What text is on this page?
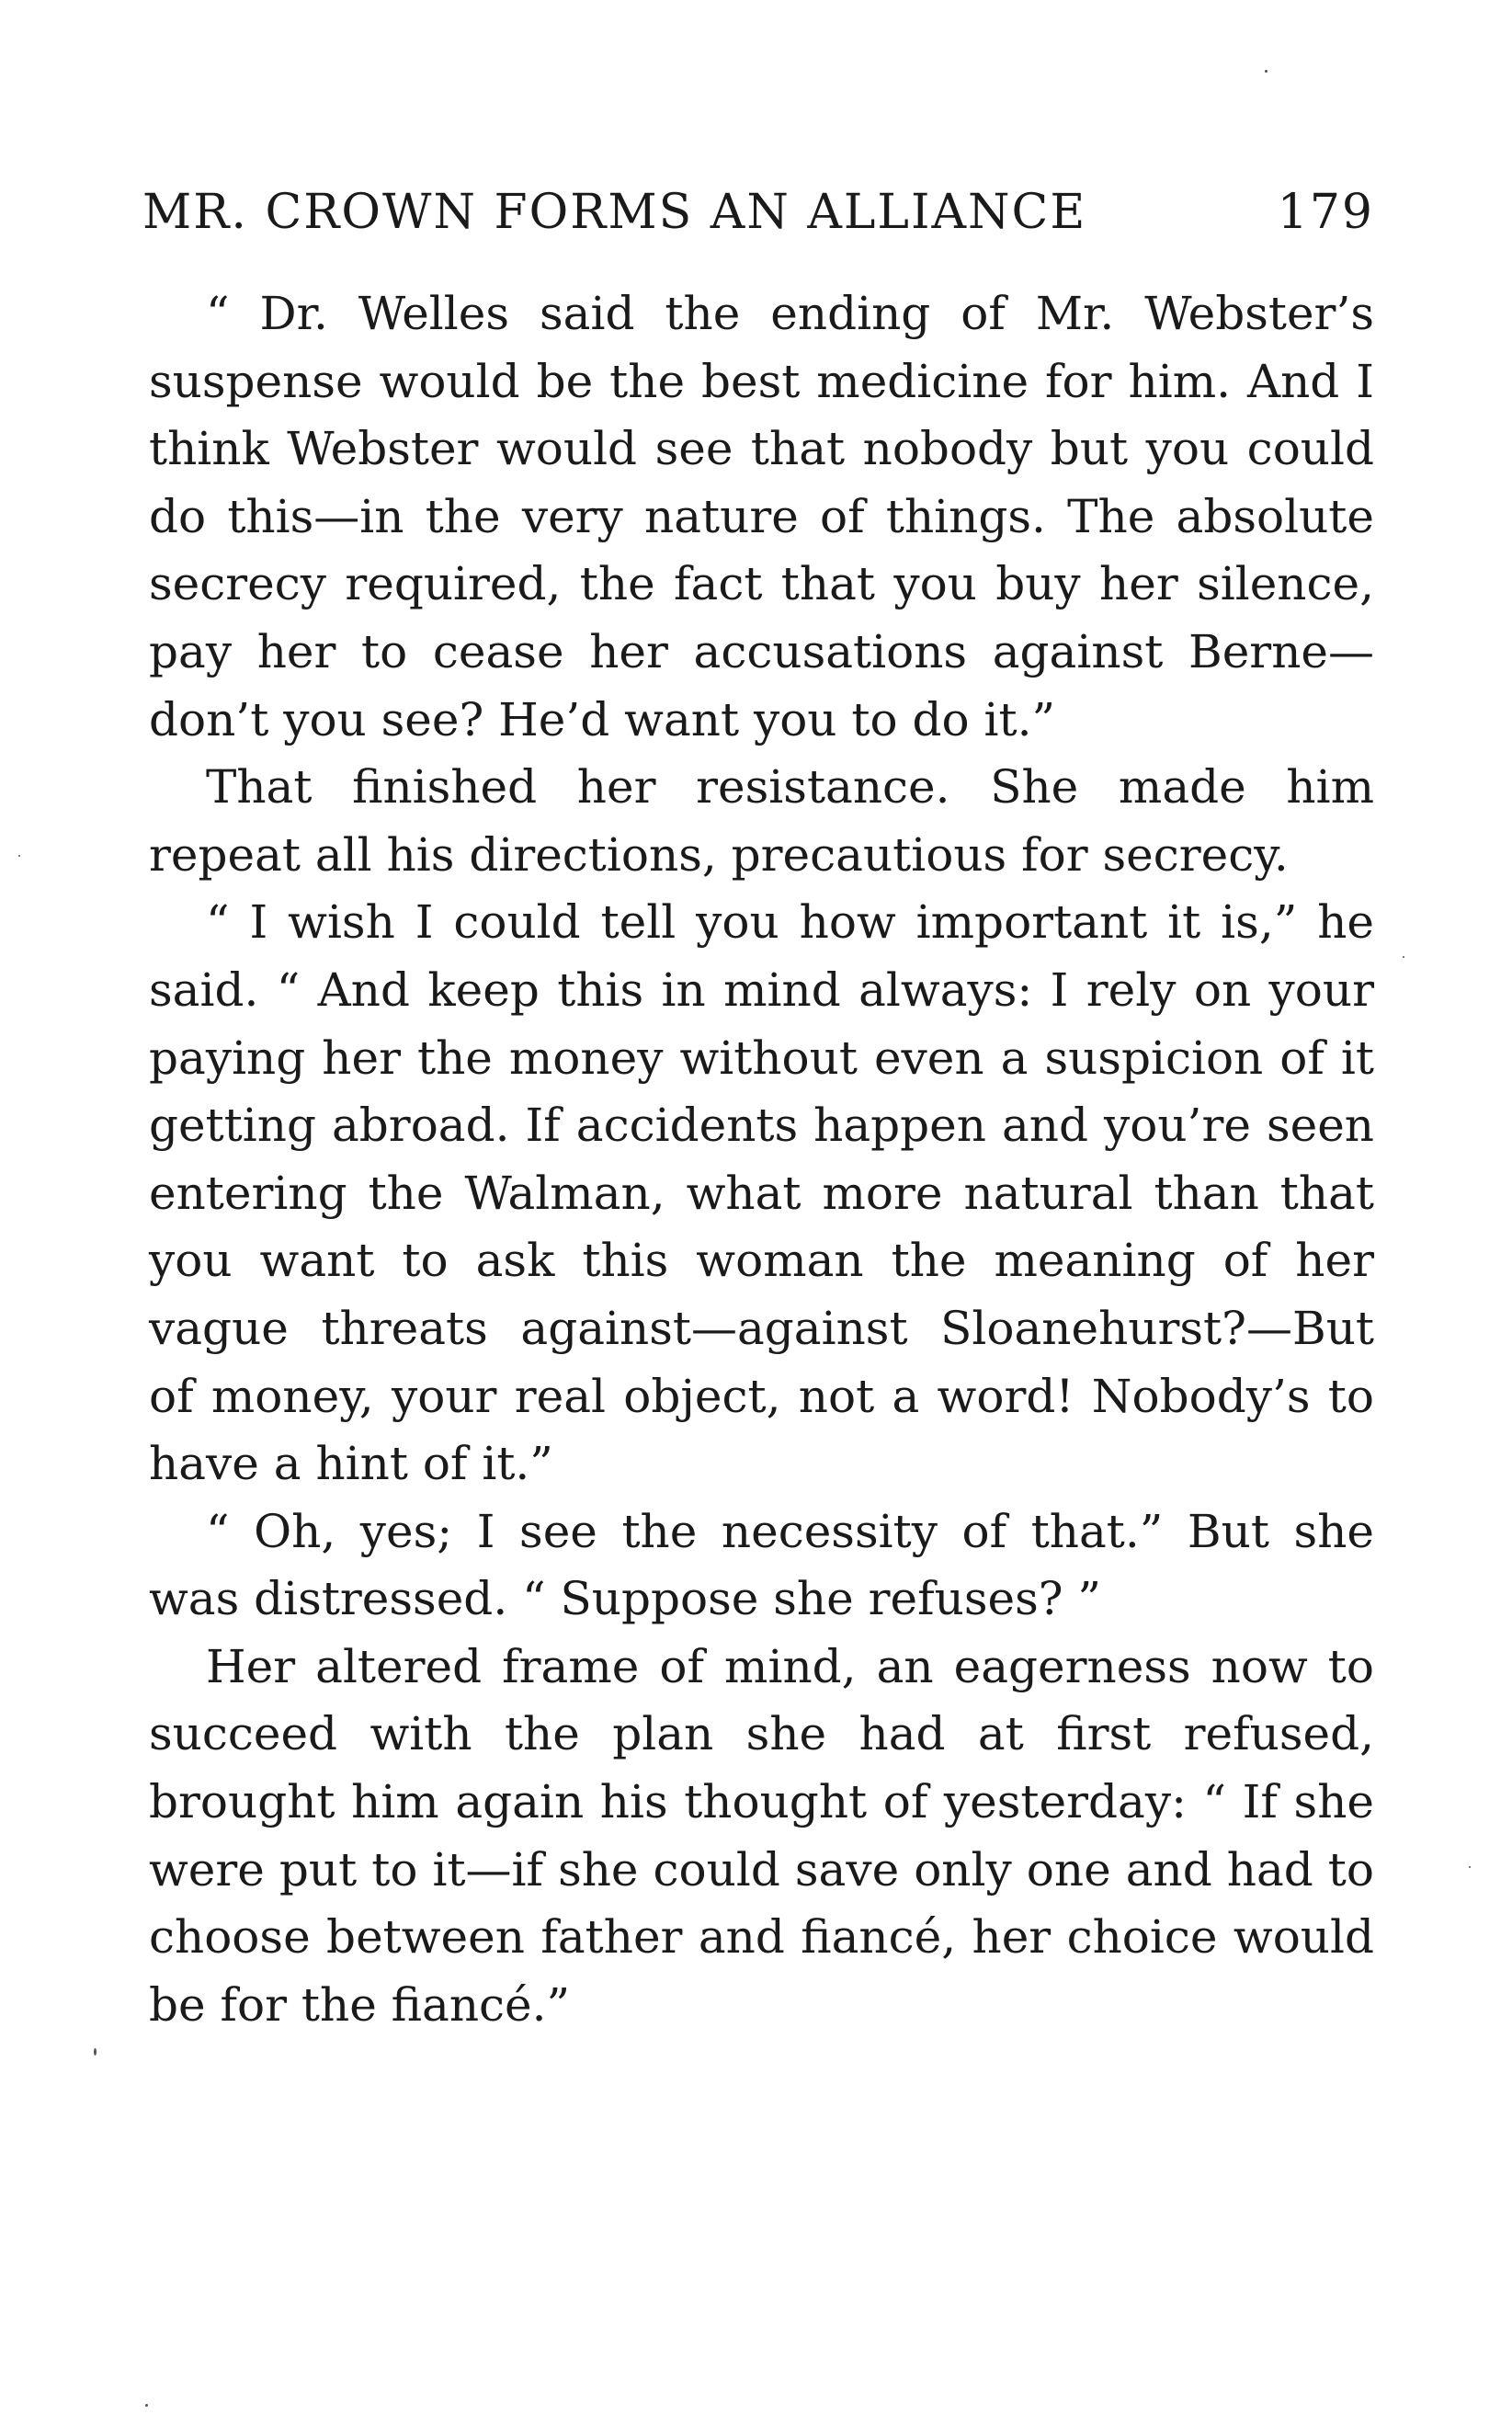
MR. CROWN FORMS AN ALLIANCE	179

“ Dr. Welles said the ending of Mr. Webster’s suspense would be the best medicine for him. And I think Webster would see that nobody but you could do this—in the very nature of things. The absolute secrecy required, the fact that you buy her silence, pay her to cease her accusations against Berne—don’t you see? He’d want you to do it.”

That finished her resistance. She made him repeat all his directions, precautious for secrecy.

“ I wish I could tell you how important it is,” he said. “ And keep this in mind always: I rely on your paying her the money without even a suspicion of it getting abroad. If accidents happen and you’re seen entering the Walman, what more natural than that you want to ask this woman the meaning of her vague threats against—against Sloanehurst?—But of money, your real object, not a word! Nobody’s to have a hint of it.”

“ Oh, yes; I see the necessity of that.” But she was distressed. “ Suppose she refuses? ”

Her altered frame of mind, an eagerness now to succeed with the plan she had at first refused, brought him again his thought of yesterday: “ If she were put to it—if she could save only one and had to choose between father and fiancé, her choice would be for the fiancé.”
